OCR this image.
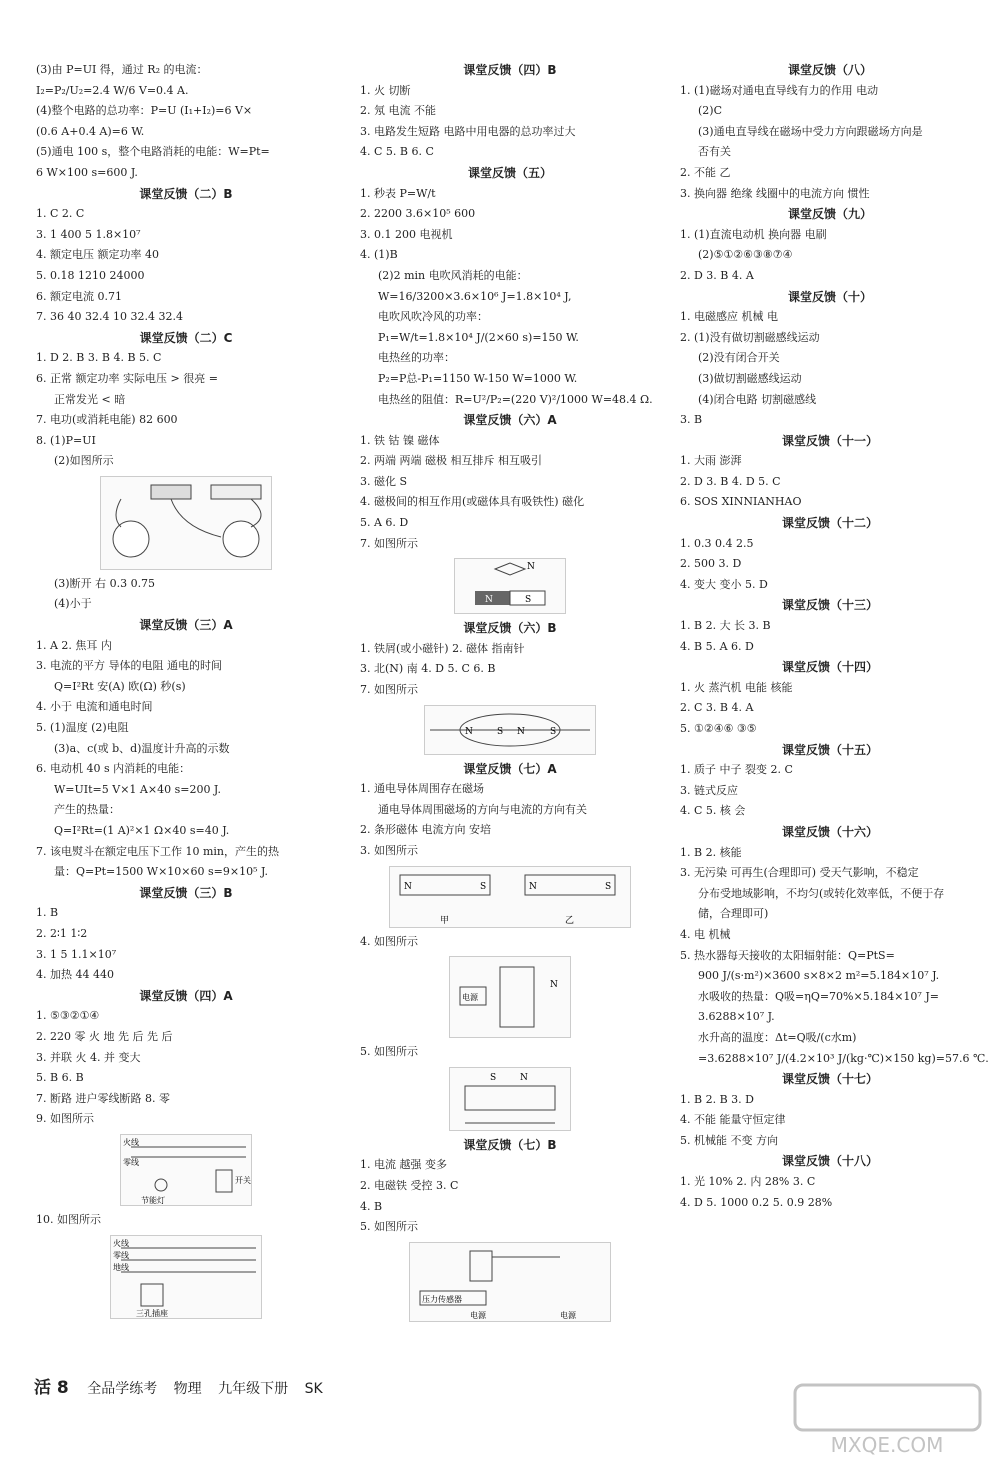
(3)由 P=UI 得，通过 R₂ 的电流：
I₂=P₂/U₂=2.4 W/6 V=0.4 A.
(4)整个电路的总功率：P=U (I₁+I₂)=6 V×
(0.6 A+0.4 A)=6 W.
(5)通电 100 s，整个电路消耗的电能：W=Pt=
6 W×100 s=600 J.
课堂反馈（二）B
1. C 2. C
3. 1 400 5 1.8×10⁷
4. 额定电压 额定功率 40
5. 0.18 1210 24000
6. 额定电流 0.71
7. 36 40 32.4 10 32.4 32.4
课堂反馈（二）C
1. D 2. B 3. B 4. B 5. C
6. 正常 额定功率 实际电压 > 很亮 =
正常发光 < 暗
7. 电功(或消耗电能) 82 600
8. (1)P=UI
(2)如图所示
(3)断开 右 0.3 0.75
(4)小于
课堂反馈（三）A
1. A 2. 焦耳 内
3. 电流的平方 导体的电阻 通电的时间
Q=I²Rt 安(A) 欧(Ω) 秒(s)
4. 小于 电流和通电时间
5. (1)温度 (2)电阻
(3)a、c(或 b、d)温度计升高的示数
6. 电动机 40 s 内消耗的电能：
W=UIt=5 V×1 A×40 s=200 J.
产生的热量：
Q=I²Rt=(1 A)²×1 Ω×40 s=40 J.
7. 该电熨斗在额定电压下工作 10 min，产生的热
量：Q=Pt=1500 W×10×60 s=9×10⁵ J.
课堂反馈（三）B
1. B
2. 2∶1 1∶2
3. 1 5 1.1×10⁷
4. 加热 44 440
课堂反馈（四）A
1. ⑤③②①④
2. 220 零 火 地 先 后 先 后
3. 并联 火 4. 并 变大
5. B 6. B
7. 断路 进户零线断路 8. 零
9. 如图所示
火线
零线
开关
节能灯
10. 如图所示
火线
零线
地线
三孔插座
课堂反馈（四）B
1. 火 切断
2. 氖 电流 不能
3. 电路发生短路 电路中用电器的总功率过大
4. C 5. B 6. C
课堂反馈（五）
1. 秒表 P=W/t
2. 2200 3.6×10⁵ 600
3. 0.1 200 电视机
4. (1)B
(2)2 min 电吹风消耗的电能：
W=16/3200×3.6×10⁶ J=1.8×10⁴ J,
电吹风吹冷风的功率：
P₁=W/t=1.8×10⁴ J/(2×60 s)=150 W.
电热丝的功率：
P₂=P总-P₁=1150 W-150 W=1000 W.
电热丝的阻值：R=U²/P₂=(220 V)²/1000 W=48.4 Ω.
课堂反馈（六）A
1. 铁 钴 镍 磁体
2. 两端 两端 磁极 相互排斥 相互吸引
3. 磁化 S
4. 磁极间的相互作用(或磁体具有吸铁性) 磁化
5. A 6. D
7. 如图所示
N
N	S
课堂反馈（六）B
1. 铁屑(或小磁针) 2. 磁体 指南针
3. 北(N) 南 4. D 5. C 6. B
7. 如图所示
N	S N	S
课堂反馈（七）A
1. 通电导体周围存在磁场
通电导体周围磁场的方向与电流的方向有关
2. 条形磁体 电流方向 安培
3. 如图所示
N	S	N	S
甲	乙
4. 如图所示
电源
N
5. 如图所示
S	N
课堂反馈（七）B
1. 电流 越强 变多
2. 电磁铁 受控 3. C
4. B
5. 如图所示
压力传感器
电源	电源
课堂反馈（八）
1. (1)磁场对通电直导线有力的作用 电动
(2)C
(3)通电直导线在磁场中受力方向跟磁场方向是
否有关
2. 不能 乙
3. 换向器 绝缘 线圈中的电流方向 惯性
课堂反馈（九）
1. (1)直流电动机 换向器 电刷
(2)⑤①②⑥③⑧⑦④
2. D 3. B 4. A
课堂反馈（十）
1. 电磁感应 机械 电
2. (1)没有做切割磁感线运动
(2)没有闭合开关
(3)做切割磁感线运动
(4)闭合电路 切割磁感线
3. B
课堂反馈（十一）
1. 大雨 澎湃
2. D 3. B 4. D 5. C
6. SOS XINNIANHAO
课堂反馈（十二）
1. 0.3 0.4 2.5
2. 500 3. D
4. 变大 变小 5. D
课堂反馈（十三）
1. B 2. 大 长 3. B
4. B 5. A 6. D
课堂反馈（十四）
1. 火 蒸汽机 电能 核能
2. C 3. B 4. A
5. ①②④⑥ ③⑤
课堂反馈（十五）
1. 质子 中子 裂变 2. C
3. 链式反应
4. C 5. 核 会
课堂反馈（十六）
1. B 2. 核能
3. 无污染 可再生(合理即可) 受天气影响，不稳定
分布受地域影响，不均匀(或转化效率低，不便于存
储，合理即可)
4. 电 机械
5. 热水器每天接收的太阳辐射能：Q=PtS=
900 J/(s·m²)×3600 s×8×2 m²=5.184×10⁷ J.
水吸收的热量：Q吸=ηQ=70%×5.184×10⁷ J=
3.6288×10⁷ J.
水升高的温度：Δt=Q吸/(c水m)
=3.6288×10⁷ J/(4.2×10³ J/(kg·℃)×150 kg)=57.6 ℃.
课堂反馈（十七）
1. B 2. B 3. D
4. 不能 能量守恒定律
5. 机械能 不变 方向
课堂反馈（十八）
1. 光 10% 2. 内 28% 3. C
4. D 5. 1000 0.2 5. 0.9 28%
活 8 全品学练考 物理 九年级下册 SK
MXQE.COM
